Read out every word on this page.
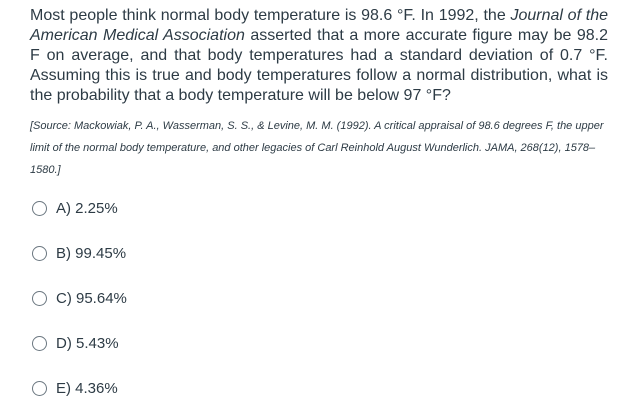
Most people think normal body temperature is 98.6 °F. In 1992, the Journal of the American Medical Association asserted that a more accurate figure may be 98.2 F on average, and that body temperatures had a standard deviation of 0.7 °F. Assuming this is true and body temperatures follow a normal distribution, what is the probability that a body temperature will be below 97 °F?

[Source: Mackowiak, P. A., Wasserman, S. S., & Levine, M. M. (1992). A critical appraisal of 98.6 degrees F, the upper limit of the normal body temperature, and other legacies of Carl Reinhold August Wunderlich. JAMA, 268(12), 1578–1580.]

A) 2.25%
B) 99.45%
C) 95.64%
D) 5.43%
E) 4.36%
